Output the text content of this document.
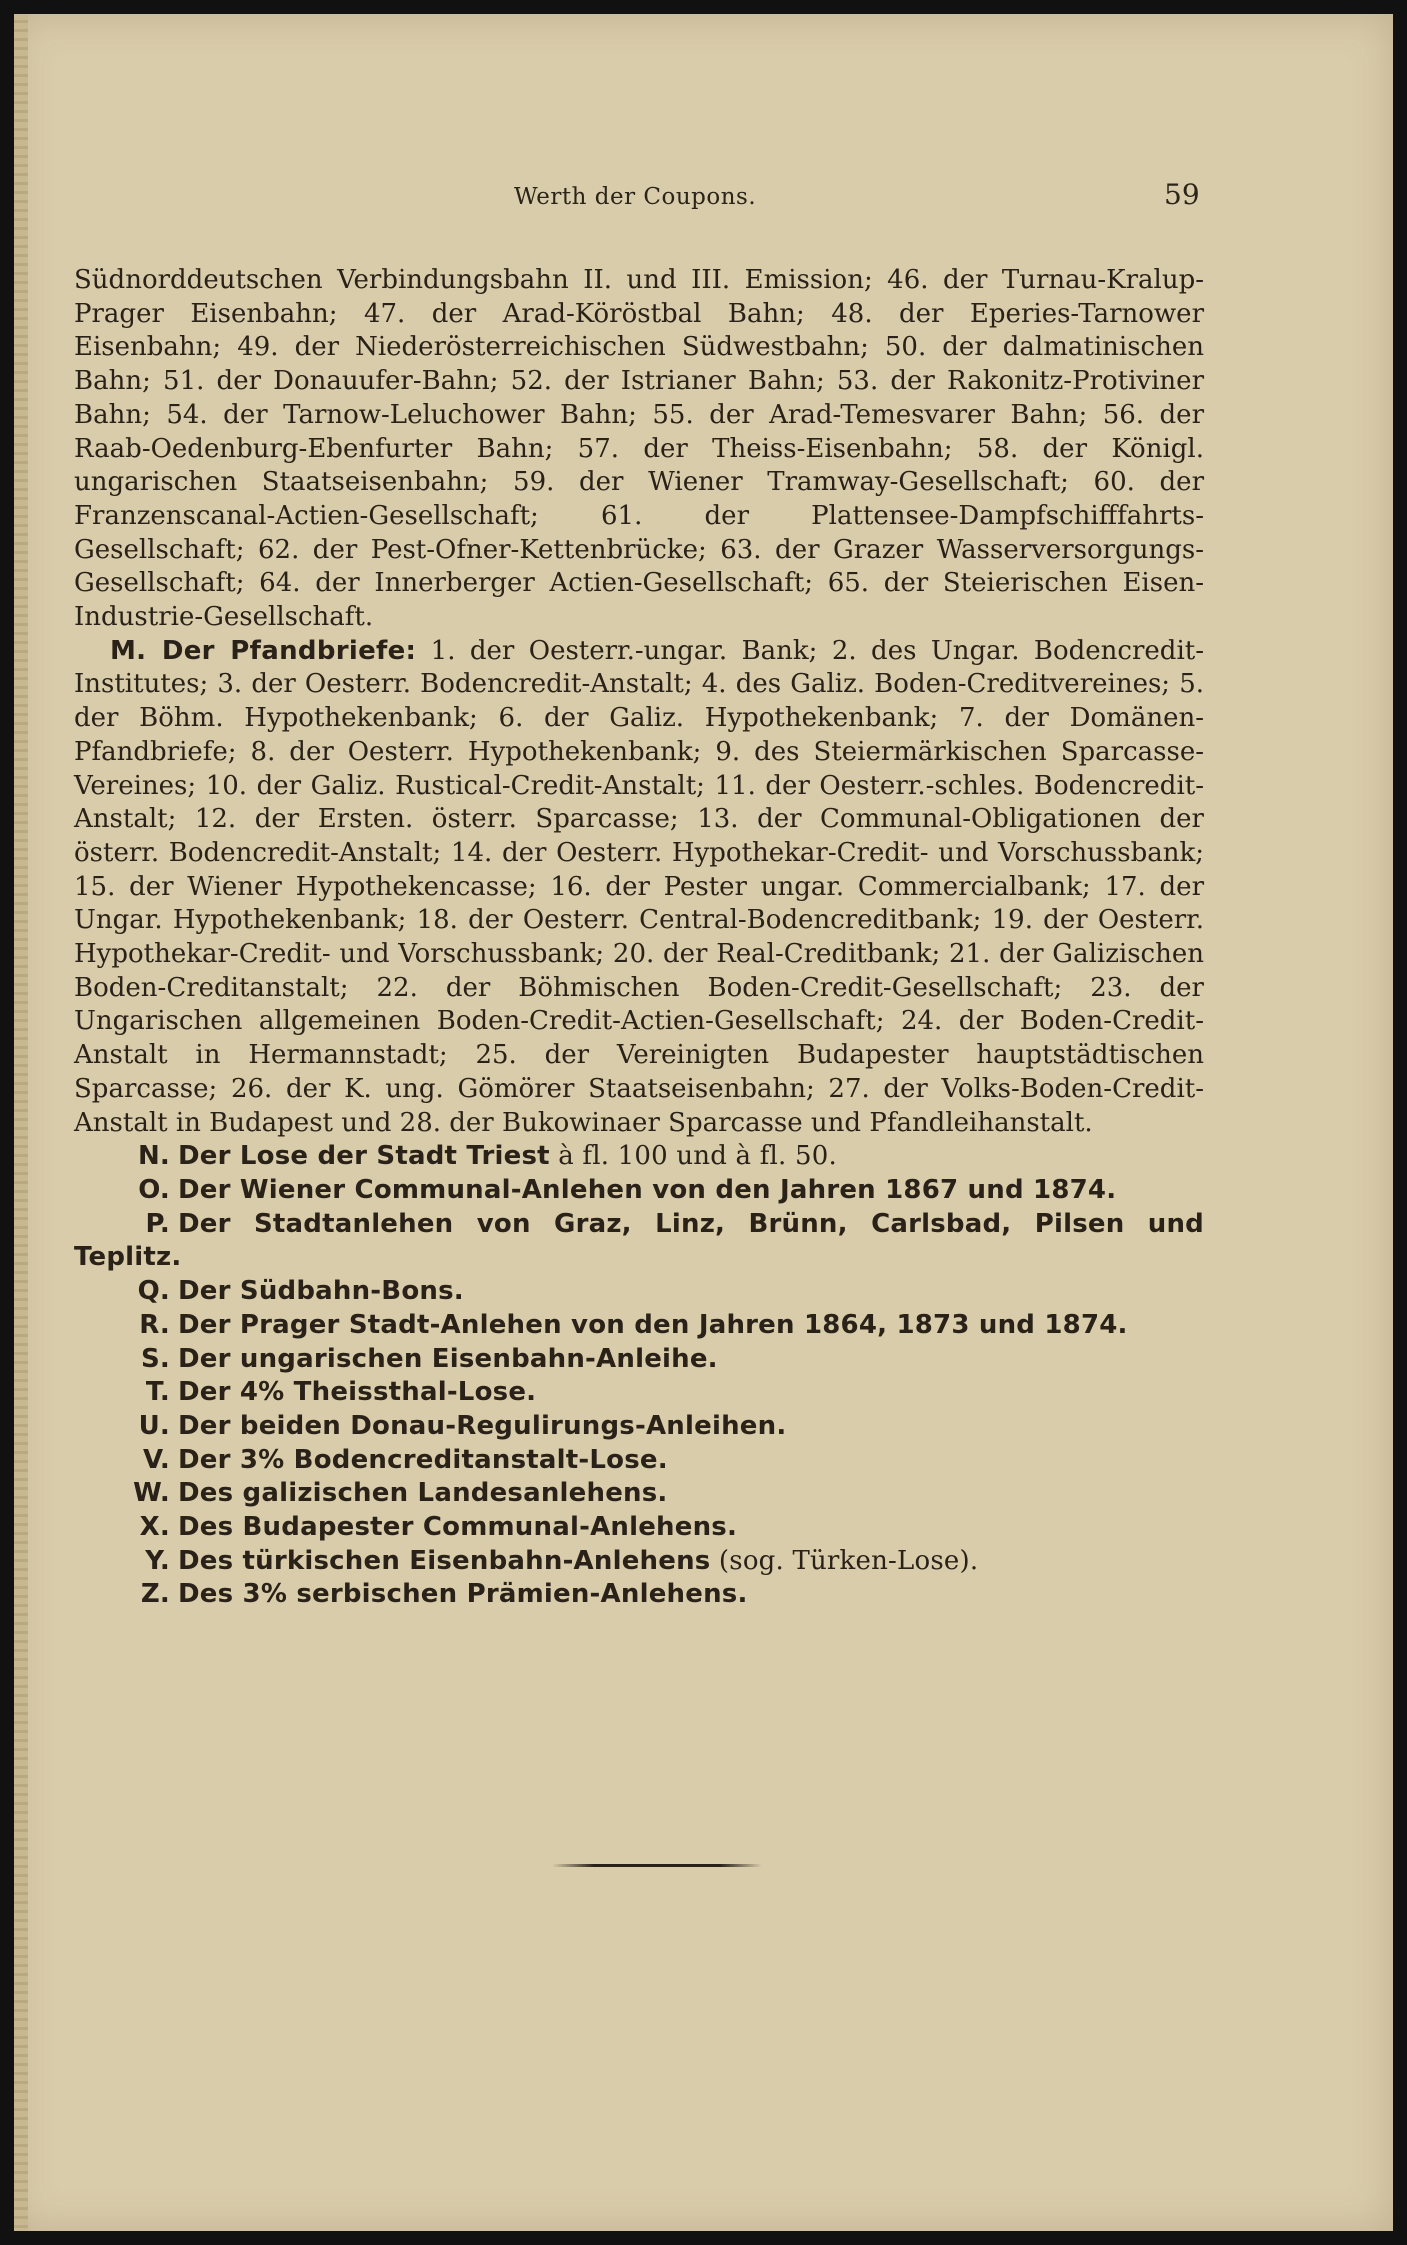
Werth der Coupons.	59

Südnorddeutschen Verbindungsbahn II. und III. Emission; 46. der Turnau-Kralup-Prager Eisenbahn; 47. der Arad-Köröstbal Bahn; 48. der Eperies-Tarnower Eisenbahn; 49. der Niederösterreichischen Südwestbahn; 50. der dalmatinischen Bahn; 51. der Donauufer-Bahn; 52. der Istrianer Bahn; 53. der Rakonitz-Protiviner Bahn; 54. der Tarnow-Leluchower Bahn; 55. der Arad-Temesvarer Bahn; 56. der Raab-Oedenburg-Ebenfurter Bahn; 57. der Theiss-Eisenbahn; 58. der Königl. ungarischen Staatseisenbahn; 59. der Wiener Tramway-Gesellschaft; 60. der Franzenscanal-Actien-Gesellschaft; 61. der Plattensee-Dampfschifffahrts-Gesellschaft; 62. der Pest-Ofner-Kettenbrücke; 63. der Grazer Wasserversorgungs-Gesellschaft; 64. der Innerberger Actien-Gesellschaft; 65. der Steierischen Eisen-Industrie-Gesellschaft.

M. Der Pfandbriefe: 1. der Oesterr.-ungar. Bank; 2. des Ungar. Bodencredit-Institutes; 3. der Oesterr. Bodencredit-Anstalt; 4. des Galiz. Boden-Creditvereines; 5. der Böhm. Hypothekenbank; 6. der Galiz. Hypothekenbank; 7. der Domänen-Pfandbriefe; 8. der Oesterr. Hypothekenbank; 9. des Steiermärkischen Sparcasse-Vereines; 10. der Galiz. Rustical-Credit-Anstalt; 11. der Oesterr.-schles. Bodencredit-Anstalt; 12. der Ersten. österr. Sparcasse; 13. der Communal-Obligationen der österr. Bodencredit-Anstalt; 14. der Oesterr. Hypothekar-Credit- und Vorschussbank; 15. der Wiener Hypothekencasse; 16. der Pester ungar. Commercialbank; 17. der Ungar. Hypothekenbank; 18. der Oesterr. Central-Bodencreditbank; 19. der Oesterr. Hypothekar-Credit- und Vorschussbank; 20. der Real-Creditbank; 21. der Galizischen Boden-Creditanstalt; 22. der Böhmischen Boden-Credit-Gesellschaft; 23. der Ungarischen allgemeinen Boden-Credit-Actien-Gesellschaft; 24. der Boden-Credit-Anstalt in Hermannstadt; 25. der Vereinigten Budapester hauptstädtischen Sparcasse; 26. der K. ung. Gömörer Staatseisenbahn; 27. der Volks-Boden-Credit-Anstalt in Budapest und 28. der Bukowinaer Sparcasse und Pfandleihanstalt.

N. Der Lose der Stadt Triest à fl. 100 und à fl. 50.
O. Der Wiener Communal-Anlehen von den Jahren 1867 und 1874.
P. Der Stadtanlehen von Graz, Linz, Brünn, Carlsbad, Pilsen und Teplitz.
Q. Der Südbahn-Bons.
R. Der Prager Stadt-Anlehen von den Jahren 1864, 1873 und 1874.
S. Der ungarischen Eisenbahn-Anleihe.
T. Der 4% Theissthal-Lose.
U. Der beiden Donau-Regulirungs-Anleihen.
V. Der 3% Bodencreditanstalt-Lose.
W. Des galizischen Landesanlehens.
X. Des Budapester Communal-Anlehens.
Y. Des türkischen Eisenbahn-Anlehens (sog. Türken-Lose).
Z. Des 3% serbischen Prämien-Anlehens.
